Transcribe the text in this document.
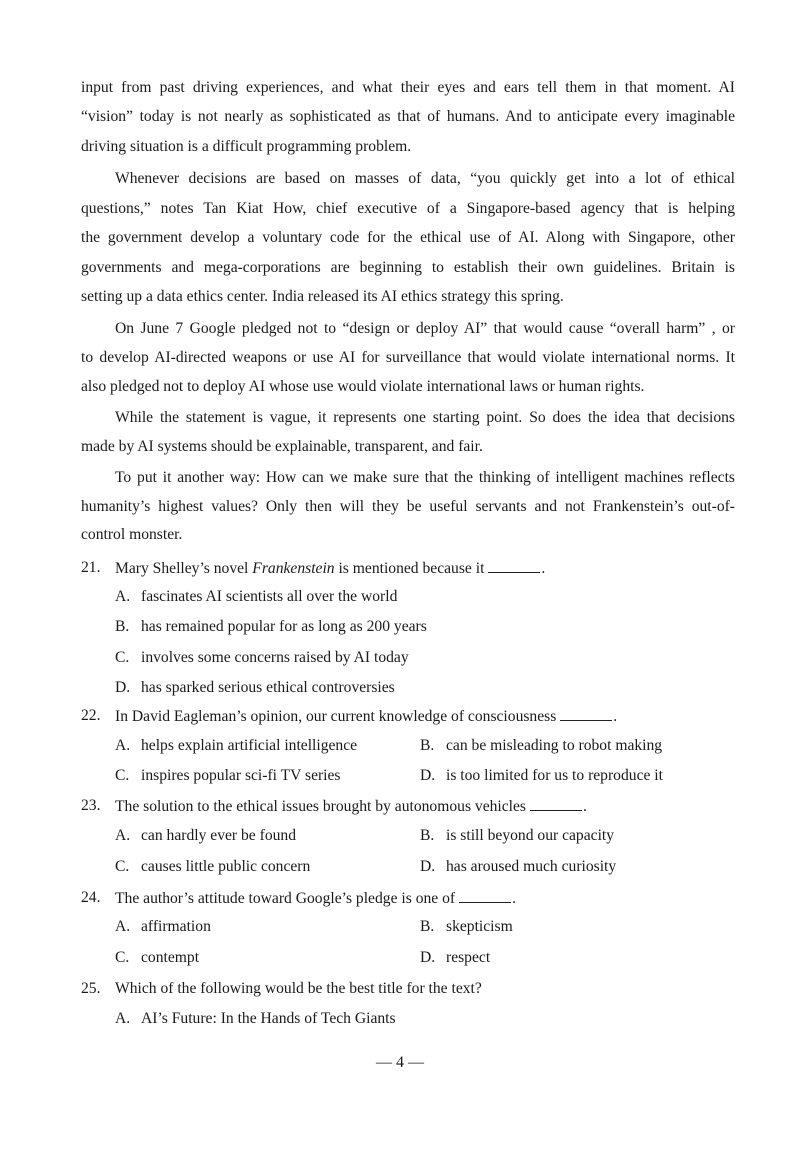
input from past driving experiences, and what their eyes and ears tell them in that moment. AI
“vision” today is not nearly as sophisticated as that of humans. And to anticipate every imaginable
driving situation is a difficult programming problem.
Whenever decisions are based on masses of data, “you quickly get into a lot of ethical
questions,” notes Tan Kiat How, chief executive of a Singapore-based agency that is helping
the government develop a voluntary code for the ethical use of AI. Along with Singapore, other
governments and mega-corporations are beginning to establish their own guidelines. Britain is
setting up a data ethics center. India released its AI ethics strategy this spring.
On June 7 Google pledged not to “design or deploy AI” that would cause “overall harm” , or
to develop AI-directed weapons or use AI for surveillance that would violate international norms. It
also pledged not to deploy AI whose use would violate international laws or human rights.
While the statement is vague, it represents one starting point. So does the idea that decisions
made by AI systems should be explainable, transparent, and fair.
To put it another way: How can we make sure that the thinking of intelligent machines reflects
humanity’s highest values? Only then will they be useful servants and not Frankenstein’s out-of-
control monster.
21. Mary Shelley’s novel Frankenstein is mentioned because it	.
A. fascinates AI scientists all over the world
B. has remained popular for as long as 200 years
C. involves some concerns raised by AI today
D. has sparked serious ethical controversies
22. In David Eagleman’s opinion, our current knowledge of consciousness	.
A. helps explain artificial intelligence	B. can be misleading to robot making
C. inspires popular sci-fi TV series	D. is too limited for us to reproduce it
23. The solution to the ethical issues brought by autonomous vehicles	.
A. can hardly ever be found	B. is still beyond our capacity
C. causes little public concern	D. has aroused much curiosity
24. The author’s attitude toward Google’s pledge is one of	.
A. affirmation	B. skepticism
C. contempt	D. respect
25. Which of the following would be the best title for the text?
A. AI’s Future: In the Hands of Tech Giants
— 4 —
